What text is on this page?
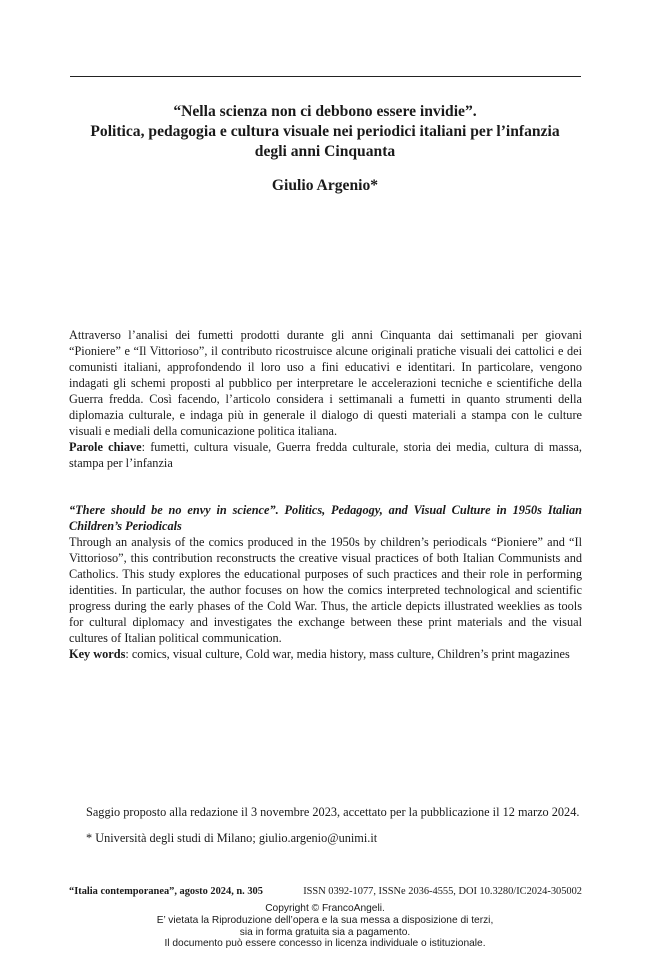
“Nella scienza non ci debbono essere invidie”.
Politica, pedagogia e cultura visuale nei periodici italiani per l’infanzia
degli anni Cinquanta
Giulio Argenio*
Attraverso l’analisi dei fumetti prodotti durante gli anni Cinquanta dai settimanali per giovani “Pioniere” e “Il Vittorioso”, il contributo ricostruisce alcune originali pratiche visuali dei cattolici e dei comunisti italiani, approfondendo il loro uso a fini educativi e identitari. In particolare, vengono indagati gli schemi proposti al pubblico per interpretare le accelerazioni tecniche e scientifiche della Guerra fredda. Così facendo, l’articolo considera i settimanali a fumetti in quanto strumenti della diplomazia culturale, e indaga più in generale il dialogo di questi materiali a stampa con le culture visuali e mediali della comunicazione politica italiana.
Parole chiave: fumetti, cultura visuale, Guerra fredda culturale, storia dei media, cultura di massa, stampa per l’infanzia
“There should be no envy in science”. Politics, Pedagogy, and Visual Culture in 1950s Italian Children’s Periodicals
Through an analysis of the comics produced in the 1950s by children’s periodicals “Pioniere” and “Il Vittorioso”, this contribution reconstructs the creative visual practices of both Italian Communists and Catholics. This study explores the educational purposes of such practices and their role in performing identities. In particular, the author focuses on how the comics interpreted technological and scientific progress during the early phases of the Cold War. Thus, the article depicts illustrated weeklies as tools for cultural diplomacy and investigates the exchange between these print materials and the visual cultures of Italian political communication.
Key words: comics, visual culture, Cold war, media history, mass culture, Children’s print magazines

Saggio proposto alla redazione il 3 novembre 2023, accettato per la pubblicazione il 12 marzo 2024.

* Università degli studi di Milano; giulio.argenio@unimi.it

“Italia contemporanea”, agosto 2024, n. 305	ISSN 0392-1077, ISSNe 2036-4555, DOI 10.3280/IC2024-305002
Copyright © FrancoAngeli.
E’ vietata la Riproduzione dell’opera e la sua messa a disposizione di terzi,
sia in forma gratuita sia a pagamento.
Il documento può essere concesso in licenza individuale o istituzionale.
